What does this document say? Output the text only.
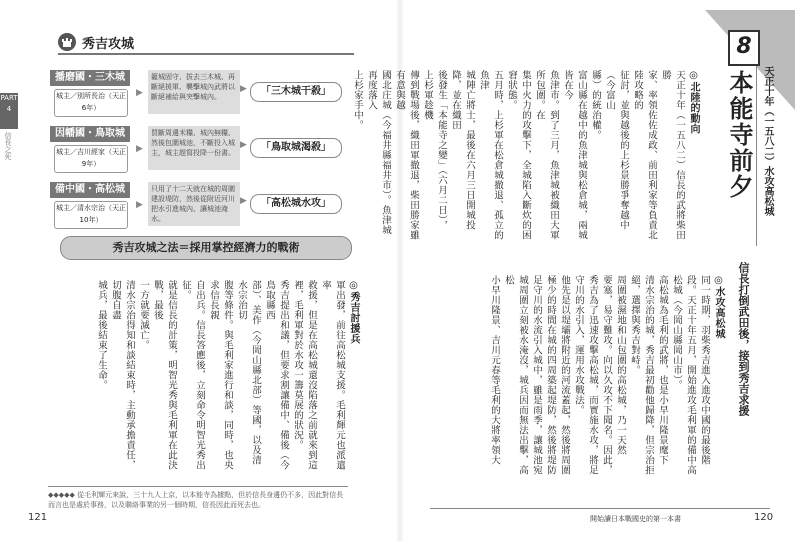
秀吉攻城
PART 4
信長之死
播磨國・三木城
城主／別所長治（天正6年）
▶
籠城固守、拔去三木城、再斷絕援軍、襲擊城內武將以斷絕補給與突擊城內。
▶	「三木城干殺」
因幡國・鳥取城
城主／吉川經家（天正9年）
▶
買斷周邊米糧、城內無糧、然後包圍城池，不斷投入城主，城主趕寫投降一份書。
▶	「鳥取城渴殺」
備中國・高松城
城主／清水宗治（天正10年）
▶
只用了十二天就在城的周圍建設堤防，然後從附近河川把水引進城內、讓城池淹水。
▶	「高松城水攻」
秀吉攻城之法＝採用掌控經濟力的戰術
◎秀吉討援兵
軍出發，前往高松城支援。毛利輝元也派遣率
救援，但是在高松城還沒陷落之前就來到這
裡，毛利軍對於水攻一籌莫展的狀況。
秀吉提出和議，但要求割讓備中、備後（今鳥取縣西
部）、美作（今岡山縣北部）等國，以及清水宗治切
腹等條件。與毛利家進行和談，同時，也央求信長親
自出兵。信長答應後，立刻命令明智光秀出征。
就是信長的計策，明智光秀與毛利軍在此決戰，最後
一方就要滅亡。
清水宗治得知和談結束時，主動承擔責任，切腹自盡
城兵，最後結束了生命。
◆◆◆◆◆ 從毛利輝元來說，三十九人上京，以本能寺為據點，但於信長身邊仍不多，因此對信長而言也是處於事務，以及聯絡事業的另一個時期，信長因此而死去也。
121
8
本能寺前夕 天正十年（一五八二）水攻高松城
◎北陸的動向
天正十年（一五八二）信長的武將柴田勝
家、率領佐佐成政、前田利家等負責北陸攻略的
征討，並與越後的上杉景勝爭奪越中（今富山
縣）的統治權。
富山縣在越中的魚津城與松倉城，兩城皆在今
魚津市。到了三月，魚津城被織田大軍所包圍。在
集中火力的攻擊下，全城陷入斷炊的困窘狀態。
五月時，上杉軍在松倉城撤退、孤立的魚津
城陣亡將士，最後在六月三日開城投降，並在織田
後發生「本能寺之變」（六月二日），上杉軍趁機
傳到戰場後，織田軍撤退，柴田勝家雖有意與越
國北庄城（今福井縣福井市）。魚津城再度落入
上杉家手中。
信長打倒武田後，接到秀吉求援
◎水攻高松城
同一時期，羽柴秀吉進入進攻中國的最後階
段。天正十年五月，開始進攻毛利軍的備中高
松城（今岡山縣岡山市）。
高松城為毛利的武將，也是小早川隆景麾下
清水宗治的城，秀吉最初勸他歸降，但宗治拒
絕，選擇與秀吉對峙。
周圍被濕地和山包圍的高松城，乃一天然
要塞，易守難攻。向以久攻不下聞名。因此，
秀吉為了迅速攻擊高松城，而實施水攻，將足
守川的水引入，運用水攻戰法。
他先是以堤壩將附近的河流蓋起，然後將周圍
極少的時間在城的四周築起堤防，然後將堤防
足守川的水流引入城中，雖是雨季，讓城池宛
城周圍立刻被水淹沒，城兵因而無法出擊，高松
小早川隆景、吉川元春等毛利的大將率領大
開始讀日本戰國史的第一本書	120
